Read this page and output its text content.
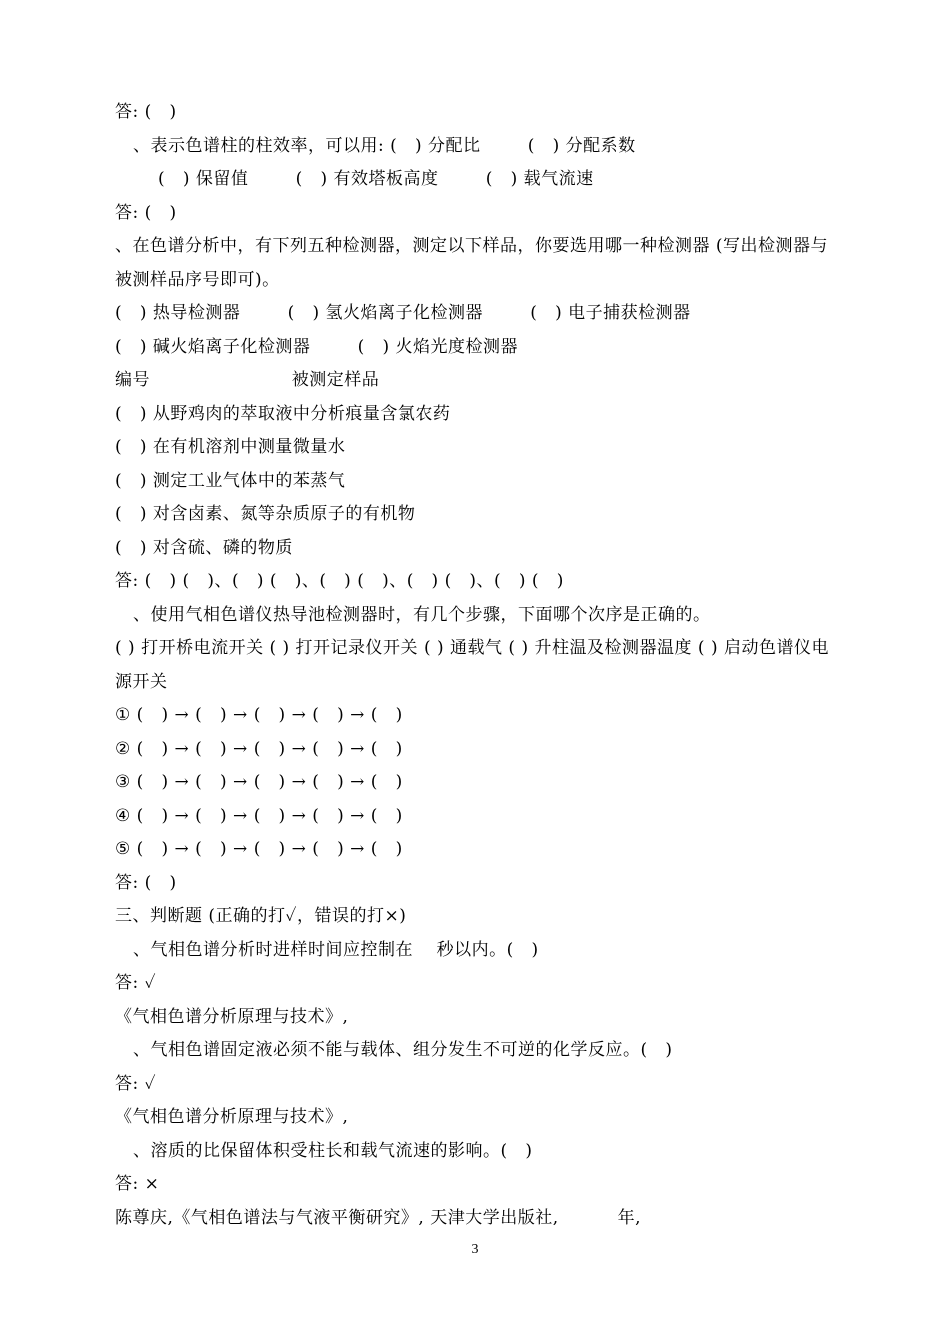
答: (   )
、表示色谱柱的柱效率，可以用: (   ) 分配比        (   ) 分配系数
(   ) 保留值        (   ) 有效塔板高度        (   ) 载气流速
答: (   )
、在色谱分析中，有下列五种检测器，测定以下样品，你要选用哪一种检测器 (写出检测器与被测样品序号即可)。
(   ) 热导检测器        (   ) 氢火焰离子化检测器        (   ) 电子捕获检测器
(   ) 碱火焰离子化检测器        (   ) 火焰光度检测器
编号                        被测定样品
(   ) 从野鸡肉的萃取液中分析痕量含氯农药
(   ) 在有机溶剂中测量微量水
(   ) 测定工业气体中的苯蒸气
(   ) 对含卤素、氮等杂质原子的有机物
(   ) 对含硫、磷的物质
答: (   ) (   )、(   ) (   )、(   ) (   )、(   ) (   )、(   ) (   )
、使用气相色谱仪热导池检测器时，有几个步骤，下面哪个次序是正确的。
( ) 打开桥电流开关 ( ) 打开记录仪开关 ( ) 通载气 ( ) 升柱温及检测器温度 ( ) 启动色谱仪电源开关
① (   ) → (   ) → (   ) → (   ) → (   )
② (   ) → (   ) → (   ) → (   ) → (   )
③ (   ) → (   ) → (   ) → (   ) → (   )
④ (   ) → (   ) → (   ) → (   ) → (   )
⑤ (   ) → (   ) → (   ) → (   ) → (   )
答: (   )
三、判断题 (正确的打✓，错误的打×)
、气相色谱分析时进样时间应控制在    秒以内。(   )
答: ✓
《气相色谱分析原理与技术》,
、气相色谱固定液必须不能与载体、组分发生不可逆的化学反应。(   )
答: ✓
《气相色谱分析原理与技术》,
、溶质的比保留体积受柱长和载气流速的影响。(   )
答: ×
陈尊庆,《气相色谱法与气液平衡研究》, 天津大学出版社,          年,
3
